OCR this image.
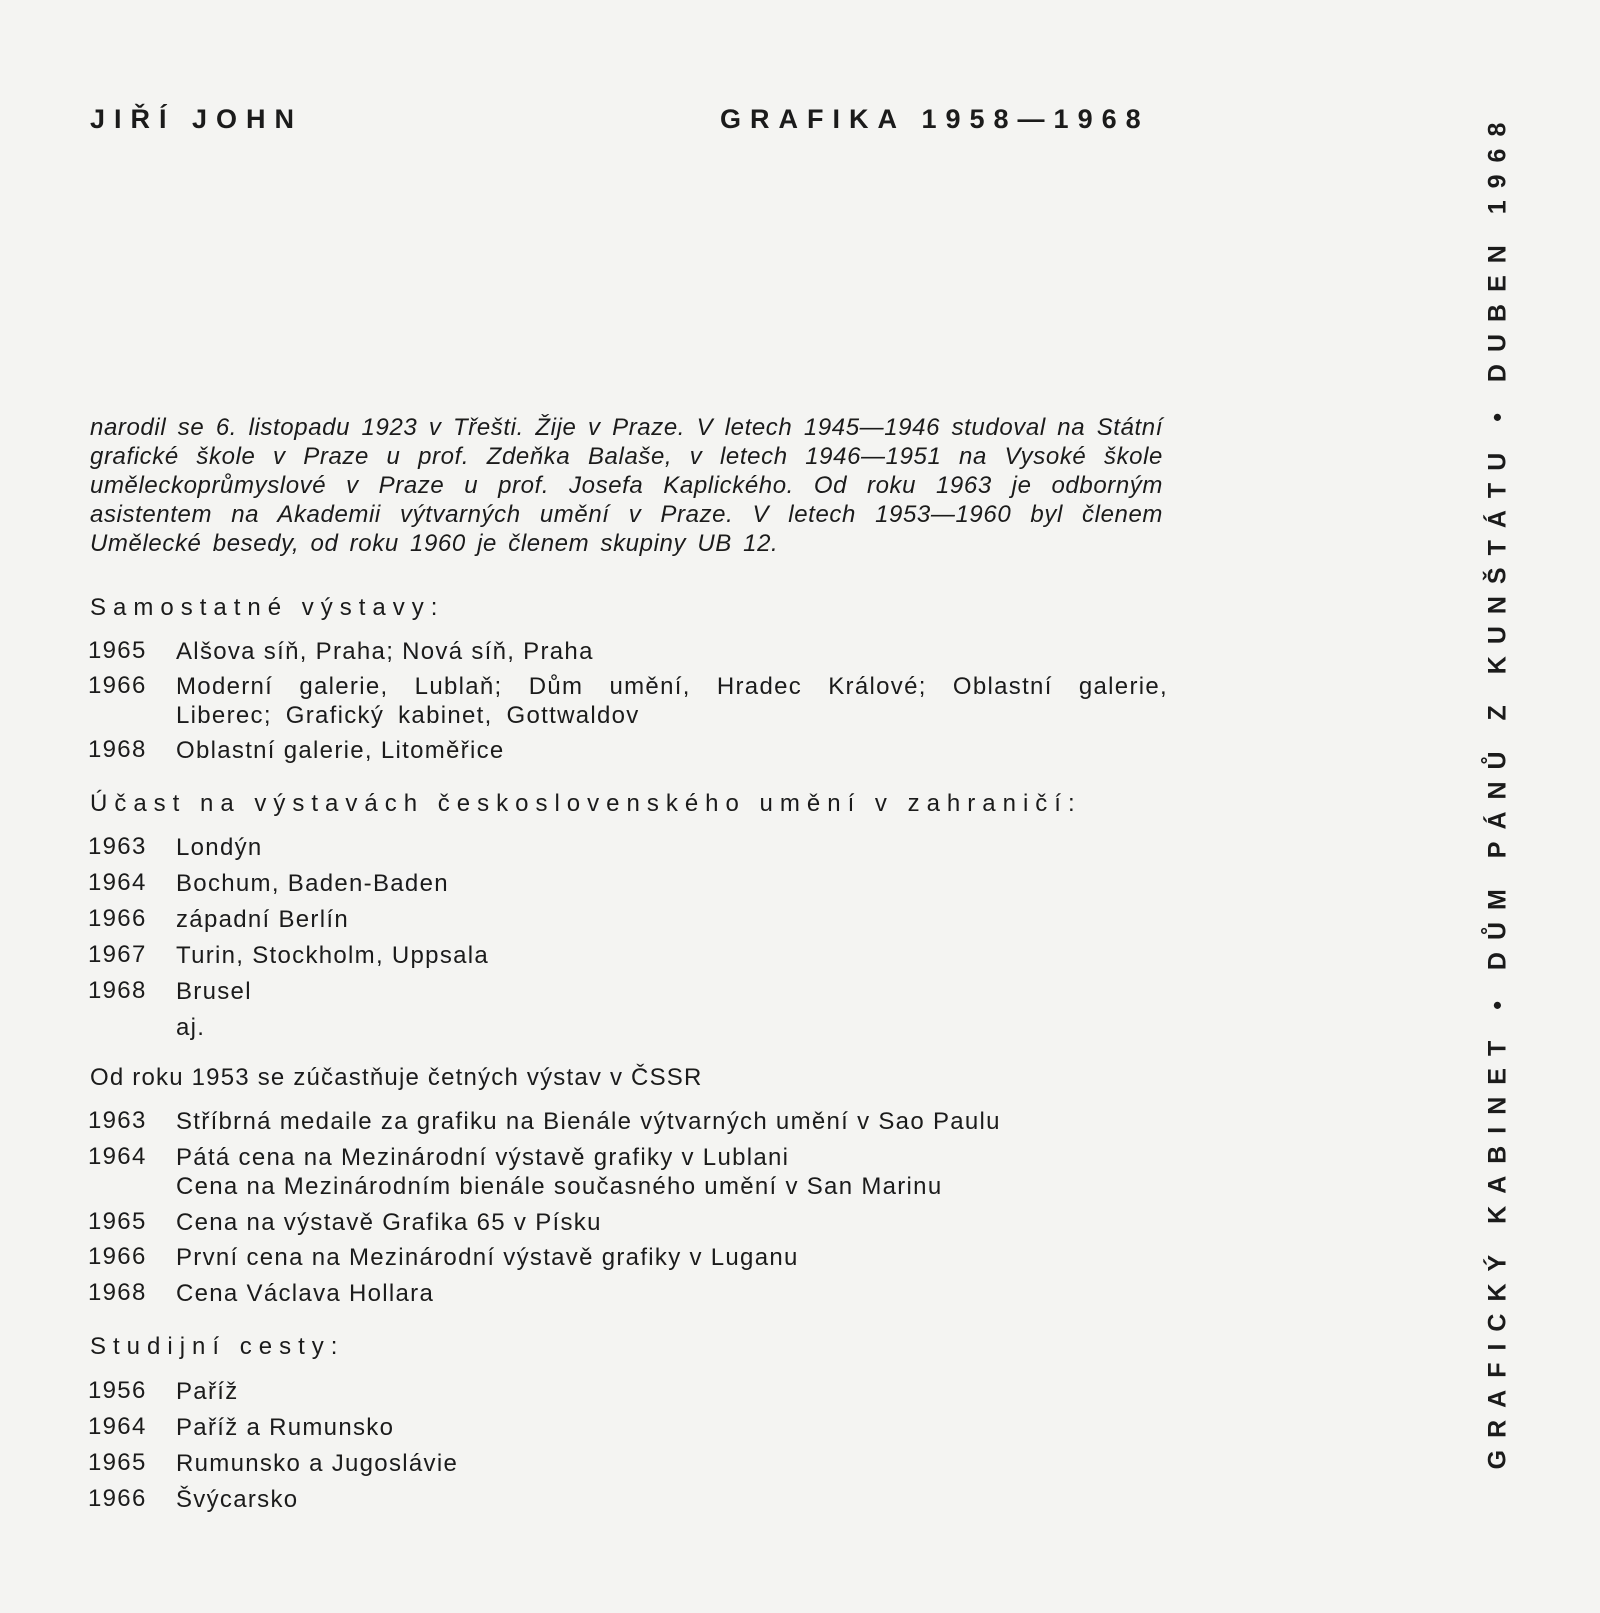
JIŘÍ JOHN	GRAFIKA 1958—1968
narodil se 6. listopadu 1923 v Třešti. Žije v Praze. V letech 1945—1946 studoval na Státní grafické škole v Praze u prof. Zdeňka Balaše, v letech 1946—1951 na Vysoké škole uměleckoprůmyslové v Praze u prof. Josefa Kaplického. Od roku 1963 je odborným asistentem na Akademii výtvarných umění v Praze. V letech 1953—1960 byl členem Umělecké besedy, od roku 1960 je členem skupiny UB 12.
Samostatné výstavy:
1965	Alšova síň, Praha; Nová síň, Praha
1966	Moderní galerie, Lublaň; Dům umění, Hradec Králové; Oblastní galerie, Liberec; Grafický kabinet, Gottwaldov
1968	Oblastní galerie, Litoměřice
Účast na výstavách československého umění v zahraničí:
1963	Londýn
1964	Bochum, Baden-Baden
1966	západní Berlín
1967	Turin, Stockholm, Uppsala
1968	Brusel
aj.
Od roku 1953 se zúčastňuje četných výstav v ČSSR
1963	Stříbrná medaile za grafiku na Bienále výtvarných umění v Sao Paulu
1964	Pátá cena na Mezinárodní výstavě grafiky v Lublani
Cena na Mezinárodním bienále současného umění v San Marinu
1965	Cena na výstavě Grafika 65 v Písku
1966	První cena na Mezinárodní výstavě grafiky v Luganu
1968	Cena Václava Hollara
Studijní cesty:
1956	Paříž
1964	Paříž a Rumunsko
1965	Rumunsko a Jugoslávie
1966	Švýcarsko
GRAFICKÝ KABINET • DŮM PÁNŮ Z KUNŠTÁTU • DUBEN 1968
